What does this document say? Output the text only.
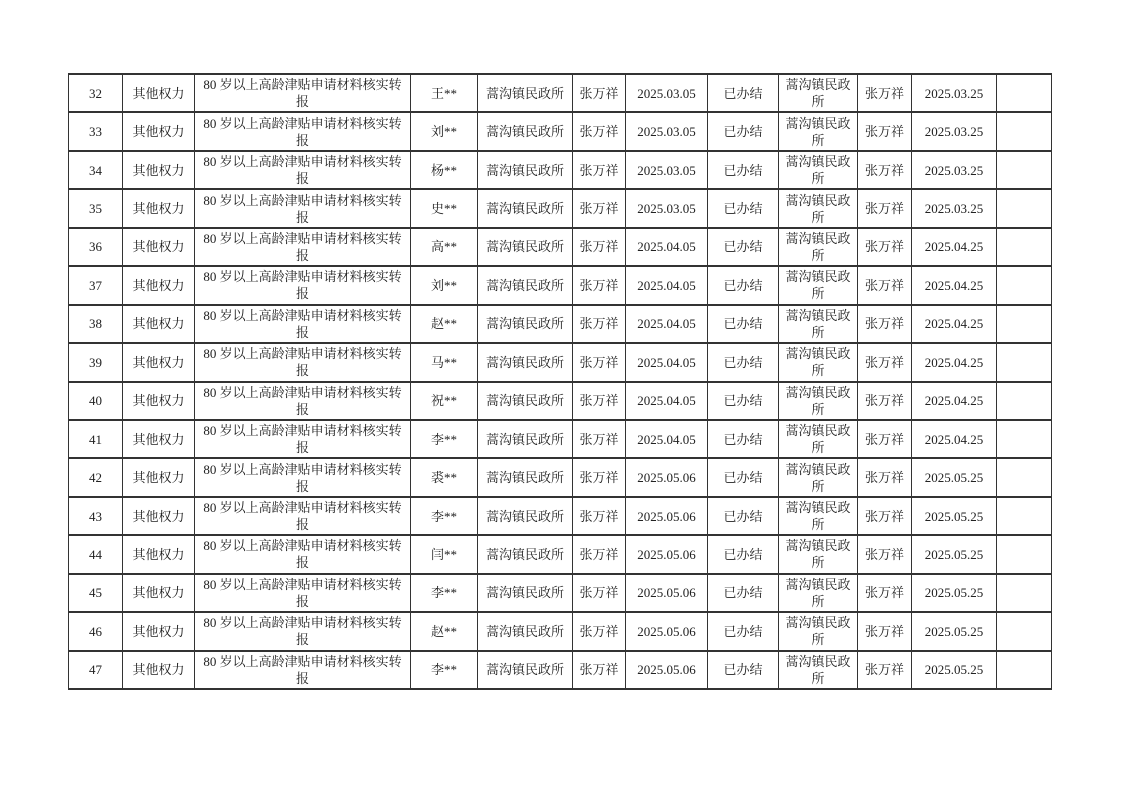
32	其他权力	80 岁以上高龄津贴申请材料核实转报	王**	蒿沟镇民政所	张万祥	2025.03.05	已办结	蒿沟镇民政所	张万祥	2025.03.25	
33	其他权力	80 岁以上高龄津贴申请材料核实转报	刘**	蒿沟镇民政所	张万祥	2025.03.05	已办结	蒿沟镇民政所	张万祥	2025.03.25	
34	其他权力	80 岁以上高龄津贴申请材料核实转报	杨**	蒿沟镇民政所	张万祥	2025.03.05	已办结	蒿沟镇民政所	张万祥	2025.03.25	
35	其他权力	80 岁以上高龄津贴申请材料核实转报	史**	蒿沟镇民政所	张万祥	2025.03.05	已办结	蒿沟镇民政所	张万祥	2025.03.25	
36	其他权力	80 岁以上高龄津贴申请材料核实转报	高**	蒿沟镇民政所	张万祥	2025.04.05	已办结	蒿沟镇民政所	张万祥	2025.04.25	
37	其他权力	80 岁以上高龄津贴申请材料核实转报	刘**	蒿沟镇民政所	张万祥	2025.04.05	已办结	蒿沟镇民政所	张万祥	2025.04.25	
38	其他权力	80 岁以上高龄津贴申请材料核实转报	赵**	蒿沟镇民政所	张万祥	2025.04.05	已办结	蒿沟镇民政所	张万祥	2025.04.25	
39	其他权力	80 岁以上高龄津贴申请材料核实转报	马**	蒿沟镇民政所	张万祥	2025.04.05	已办结	蒿沟镇民政所	张万祥	2025.04.25	
40	其他权力	80 岁以上高龄津贴申请材料核实转报	祝**	蒿沟镇民政所	张万祥	2025.04.05	已办结	蒿沟镇民政所	张万祥	2025.04.25	
41	其他权力	80 岁以上高龄津贴申请材料核实转报	李**	蒿沟镇民政所	张万祥	2025.04.05	已办结	蒿沟镇民政所	张万祥	2025.04.25	
42	其他权力	80 岁以上高龄津贴申请材料核实转报	裘**	蒿沟镇民政所	张万祥	2025.05.06	已办结	蒿沟镇民政所	张万祥	2025.05.25	
43	其他权力	80 岁以上高龄津贴申请材料核实转报	李**	蒿沟镇民政所	张万祥	2025.05.06	已办结	蒿沟镇民政所	张万祥	2025.05.25	
44	其他权力	80 岁以上高龄津贴申请材料核实转报	闫**	蒿沟镇民政所	张万祥	2025.05.06	已办结	蒿沟镇民政所	张万祥	2025.05.25	
45	其他权力	80 岁以上高龄津贴申请材料核实转报	李**	蒿沟镇民政所	张万祥	2025.05.06	已办结	蒿沟镇民政所	张万祥	2025.05.25	
46	其他权力	80 岁以上高龄津贴申请材料核实转报	赵**	蒿沟镇民政所	张万祥	2025.05.06	已办结	蒿沟镇民政所	张万祥	2025.05.25	
47	其他权力	80 岁以上高龄津贴申请材料核实转报	李**	蒿沟镇民政所	张万祥	2025.05.06	已办结	蒿沟镇民政所	张万祥	2025.05.25	
